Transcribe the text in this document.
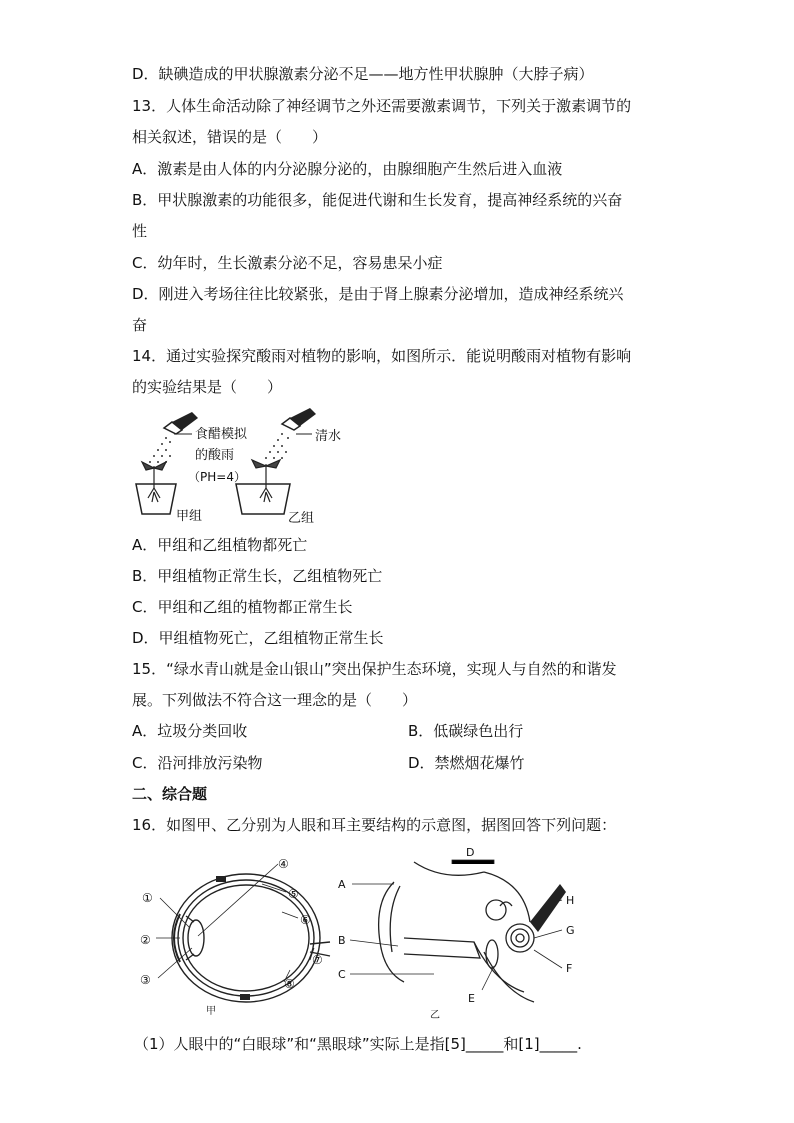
D．缺碘造成的甲状腺激素分泌不足——地方性甲状腺肿（大脖子病）
13．人体生命活动除了神经调节之外还需要激素调节，下列关于激素调节的
相关叙述，错误的是（　　）
A．激素是由人体的内分泌腺分泌的，由腺细胞产生然后进入血液
B．甲状腺激素的功能很多，能促进代谢和生长发育，提高神经系统的兴奋
性
C．幼年时，生长激素分泌不足，容易患呆小症
D．刚进入考场往往比较紧张，是由于肾上腺素分泌增加，造成神经系统兴
奋
14．通过实验探究酸雨对植物的影响，如图所示．能说明酸雨对植物有影响
的实验结果是（　　）
食醋模拟
的酸雨
（PH=4）
甲组
清水
乙组
A．甲组和乙组植物都死亡
B．甲组植物正常生长，乙组植物死亡
C．甲组和乙组的植物都正常生长
D．甲组植物死亡，乙组植物正常生长
15．“绿水青山就是金山银山”突出保护生态环境，实现人与自然的和谐发
展。下列做法不符合这一理念的是（　　）
A．垃圾分类回收	B．低碳绿色出行
C．沿河排放污染物	D．禁燃烟花爆竹
二、综合题
16．如图甲、乙分别为人眼和耳主要结构的示意图，据图回答下列问题：
①
②
③
④
⑤
⑥
⑦
⑧
甲
A
B
C
D
E
F
G
H
乙
（1）人眼中的“白眼球”和“黑眼球”实际上是指[5]_____和[1]_____.
